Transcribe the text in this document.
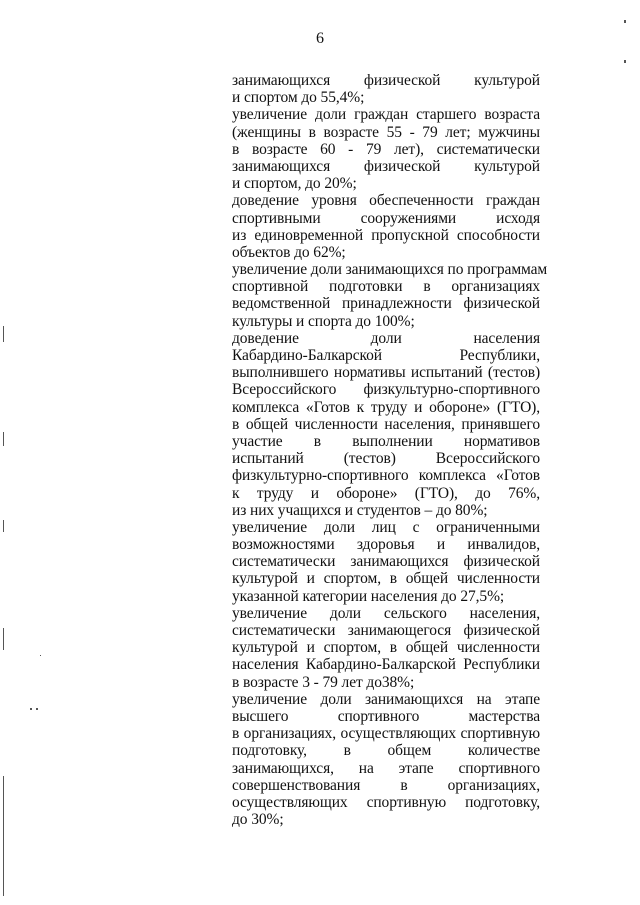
6
занимающихся физической культурой
и спортом до 55,4%;
увеличение доли граждан старшего возраста
(женщины в возрасте 55 - 79 лет; мужчины
в возрасте 60 - 79 лет), систематически
занимающихся физической культурой
и спортом, до 20%;
доведение уровня обеспеченности граждан
спортивными сооружениями исходя
из единовременной пропускной способности
объектов до 62%;
увеличение доли занимающихся по программам
спортивной подготовки в организациях
ведомственной принадлежности физической
культуры и спорта до 100%;
доведение доли населения
Кабардино-Балкарской Республики,
выполнившего нормативы испытаний (тестов)
Всероссийского физкультурно-спортивного
комплекса «Готов к труду и обороне» (ГТО),
в общей численности населения, принявшего
участие в выполнении нормативов
испытаний (тестов) Всероссийского
физкультурно-спортивного комплекса «Готов
к труду и обороне» (ГТО), до 76%,
из них учащихся и студентов – до 80%;
увеличение доли лиц с ограниченными
возможностями здоровья и инвалидов,
систематически занимающихся физической
культурой и спортом, в общей численности
указанной категории населения до 27,5%;
увеличение доли сельского населения,
систематически занимающегося физической
культурой и спортом, в общей численности
населения Кабардино-Балкарской Республики
в возрасте 3 - 79 лет до38%;
увеличение доли занимающихся на этапе
высшего спортивного мастерства
в организациях, осуществляющих спортивную
подготовку, в общем количестве
занимающихся, на этапе спортивного
совершенствования в организациях,
осуществляющих спортивную подготовку,
до 30%;
